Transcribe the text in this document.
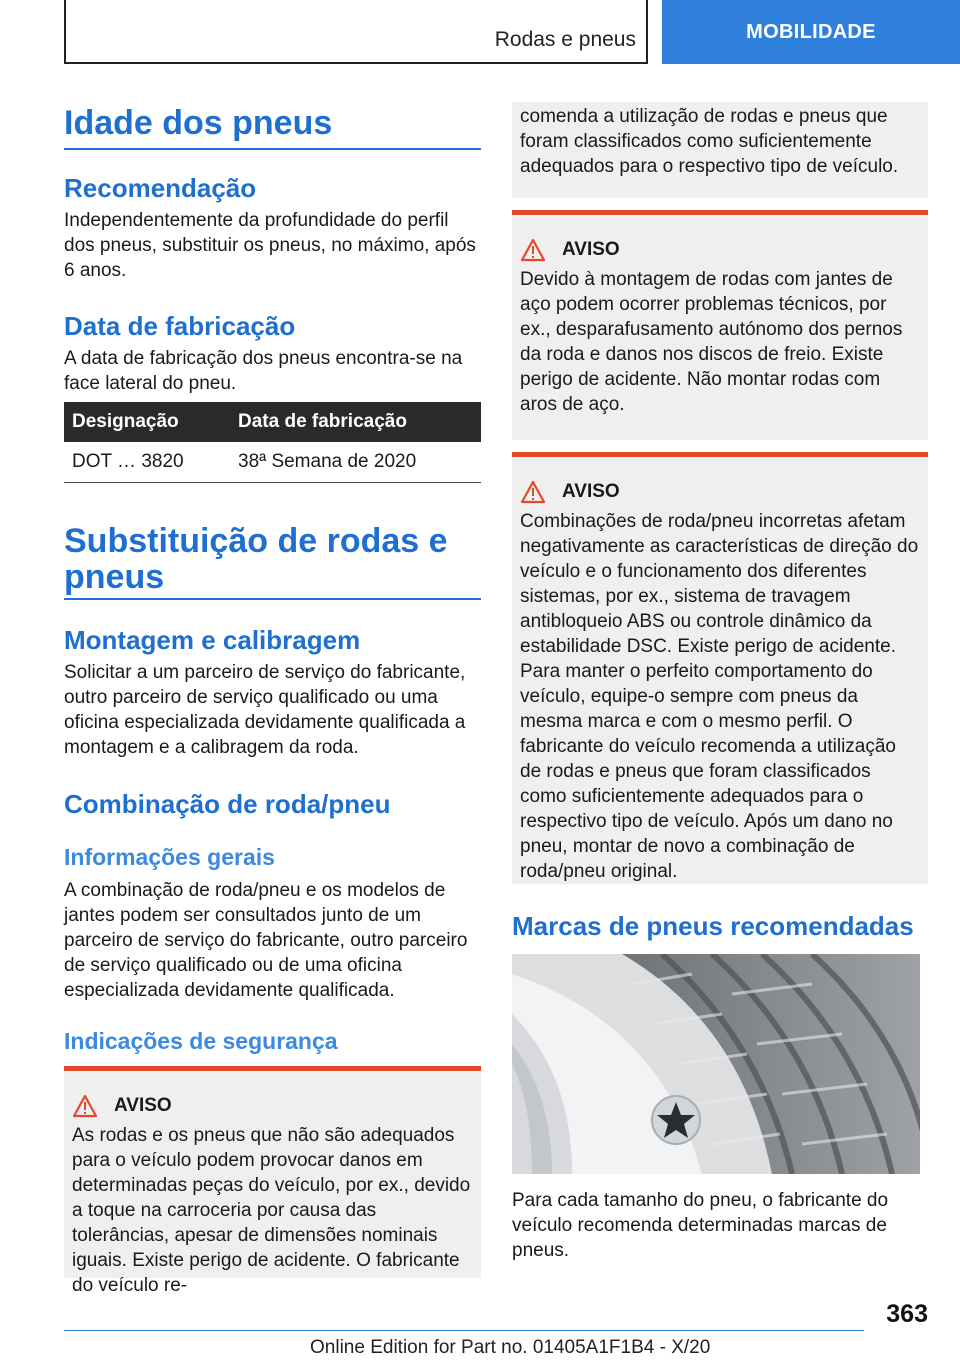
Rodas e pneus	MOBILIDADE
Idade dos pneus
Recomendação

Independentemente da profundidade do perfil dos pneus, substituir os pneus, no máximo, após 6 anos.

Data de fabricação

A data de fabricação dos pneus encontra-se na face lateral do pneu.

Designação	Data de fabricação
DOT … 3820	38ª Semana de 2020
Substituição de rodas e
pneus
Montagem e calibragem

Solicitar a um parceiro de serviço do fabricante, outro parceiro de serviço qualificado ou uma oficina especializada devidamente qualificada a montagem e a calibragem da roda.

Combinação de roda/pneu
Informações gerais

A combinação de roda/pneu e os modelos de jantes podem ser consultados junto de um parceiro de serviço do fabricante, outro parceiro de serviço qualificado ou de uma oficina especializada devidamente qualificada.

Indicações de segurança
AVISO

As rodas e os pneus que não são adequados para o veículo podem provocar danos em determinadas peças do veículo, por ex., devido a toque na carroceria por causa das tolerâncias, apesar de dimensões nominais iguais. Existe perigo de acidente. O fabricante do veículo re-

comenda a utilização de rodas e pneus que foram classificados como suficientemente adequados para o respectivo tipo de veículo.

AVISO

Devido à montagem de rodas com jantes de aço podem ocorrer problemas técnicos, por ex., desparafusamento autónomo dos pernos da roda e danos nos discos de freio. Existe perigo de acidente. Não montar rodas com aros de aço.

AVISO

Combinações de roda/pneu incorretas afetam negativamente as características de direção do veículo e o funcionamento dos diferentes sistemas, por ex., sistema de travagem antibloqueio ABS ou controle dinâmico da estabilidade DSC. Existe perigo de acidente. Para manter o perfeito comportamento do veículo, equipe-o sempre com pneus da mesma marca e com o mesmo perfil. O fabricante do veículo recomenda a utilização de rodas e pneus que foram classificados como suficientemente adequados para o respectivo tipo de veículo. Após um dano no pneu, montar de novo a combinação de roda/pneu original.

Marcas de pneus recomendadas

Para cada tamanho do pneu, o fabricante do veículo recomenda determinadas marcas de pneus.

363
Online Edition for Part no. 01405A1F1B4 - X/20
